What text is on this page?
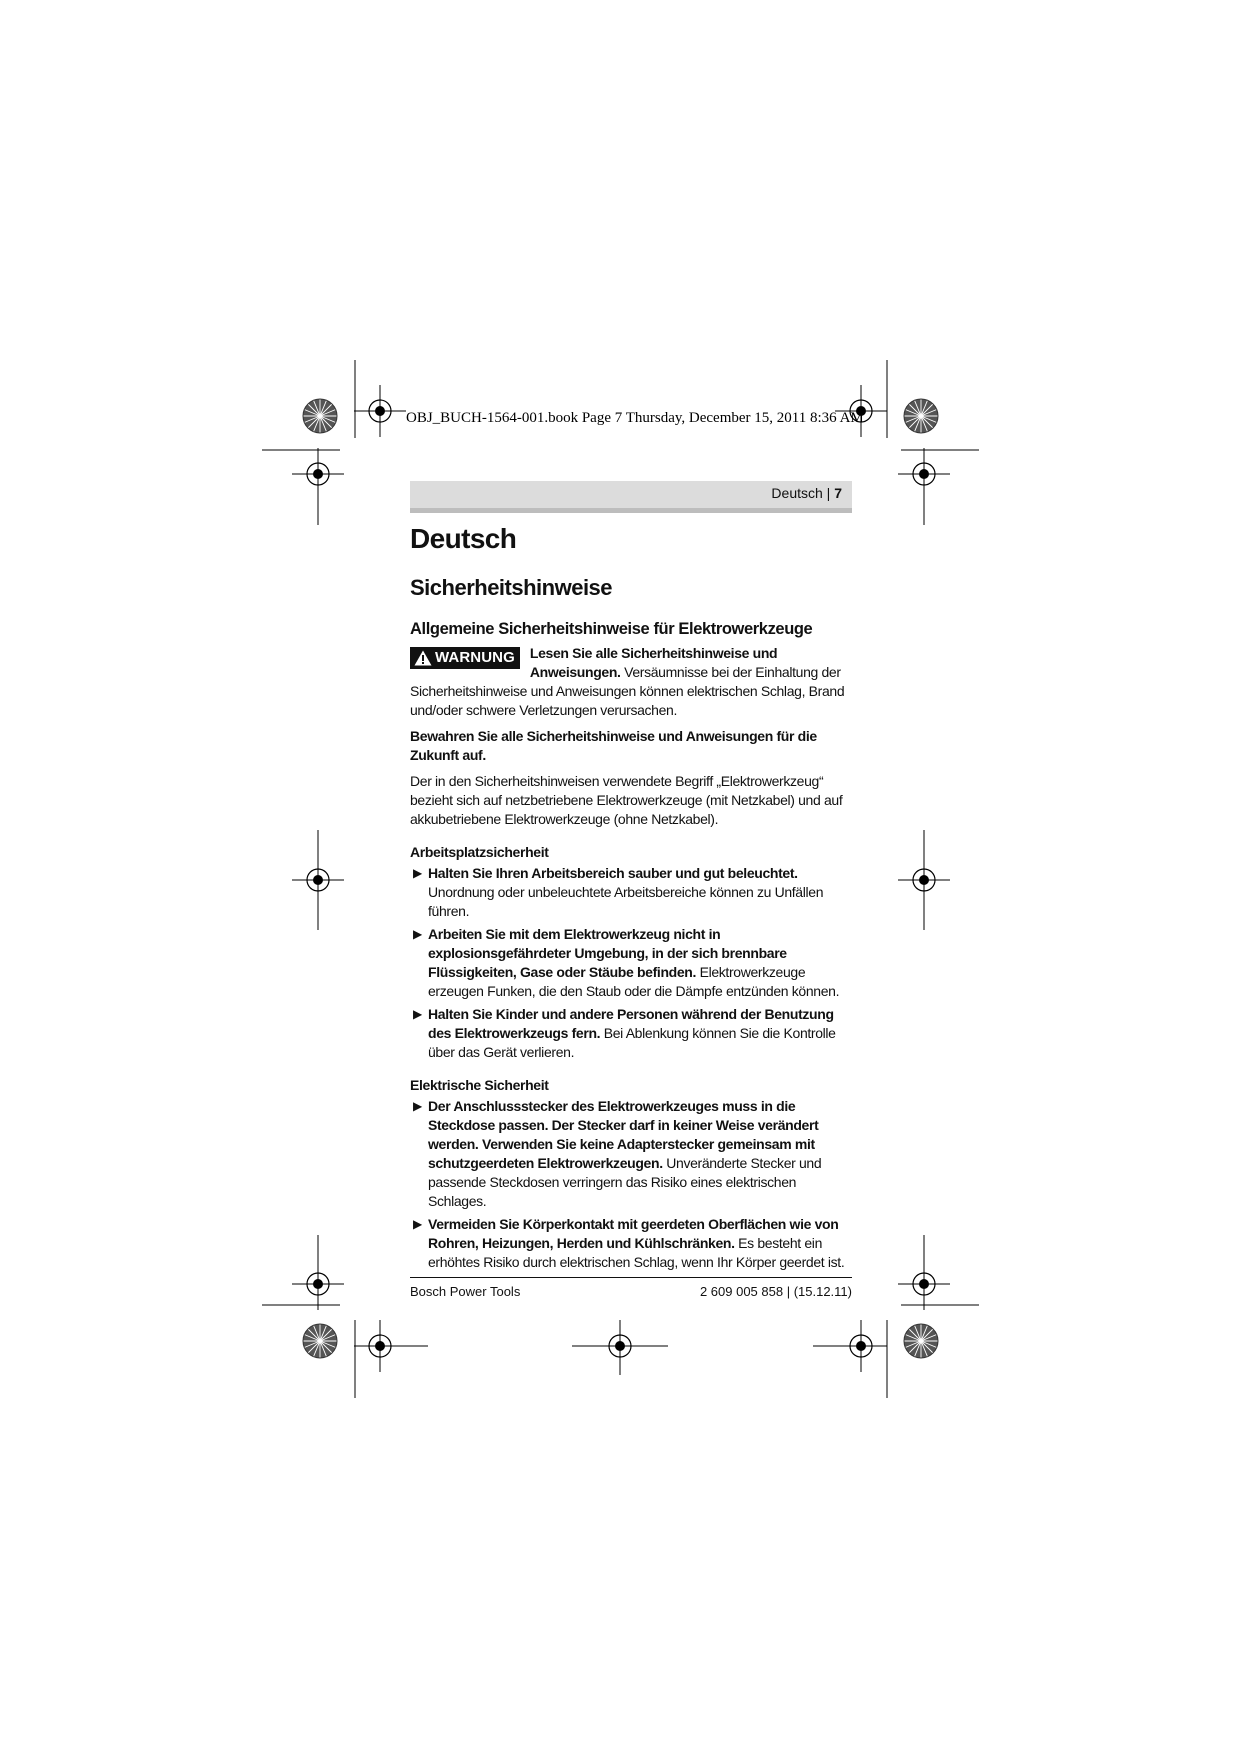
OBJ_BUCH-1564-001.book Page 7 Thursday, December 15, 2011 8:36 AM
Deutsch | 7
Deutsch
Sicherheitshinweise
Allgemeine Sicherheitshinweise für Elektrowerkzeuge
WARNUNG Lesen Sie alle Sicherheitshinweise und Anweisungen. Versäumnisse bei der Einhaltung der Sicherheitshinweise und Anweisungen können elektrischen Schlag, Brand und/oder schwere Verletzungen verursachen.

Bewahren Sie alle Sicherheitshinweise und Anweisungen für die Zukunft auf.

Der in den Sicherheitshinweisen verwendete Begriff „Elektrowerkzeug“ bezieht sich auf netzbetriebene Elektrowerkzeuge (mit Netzkabel) und auf akkubetriebene Elektrowerkzeuge (ohne Netzkabel).

Arbeitsplatzsicherheit
▶ Halten Sie Ihren Arbeitsbereich sauber und gut beleuchtet. Unordnung oder unbeleuchtete Arbeitsbereiche können zu Unfällen führen.
▶ Arbeiten Sie mit dem Elektrowerkzeug nicht in explosionsgefährdeter Umgebung, in der sich brennbare Flüssigkeiten, Gase oder Stäube befinden. Elektrowerkzeuge erzeugen Funken, die den Staub oder die Dämpfe entzünden können.
▶ Halten Sie Kinder und andere Personen während der Benutzung des Elektrowerkzeugs fern. Bei Ablenkung können Sie die Kontrolle über das Gerät verlieren.
Elektrische Sicherheit
▶ Der Anschlussstecker des Elektrowerkzeuges muss in die Steckdose passen. Der Stecker darf in keiner Weise verändert werden. Verwenden Sie keine Adapterstecker gemeinsam mit schutzgeerdeten Elektrowerkzeugen. Unveränderte Stecker und passende Steckdosen verringern das Risiko eines elektrischen Schlages.
▶ Vermeiden Sie Körperkontakt mit geerdeten Oberflächen wie von Rohren, Heizungen, Herden und Kühlschränken. Es besteht ein erhöhtes Risiko durch elektrischen Schlag, wenn Ihr Körper geerdet ist.
Bosch Power Tools	2 609 005 858 | (15.12.11)
